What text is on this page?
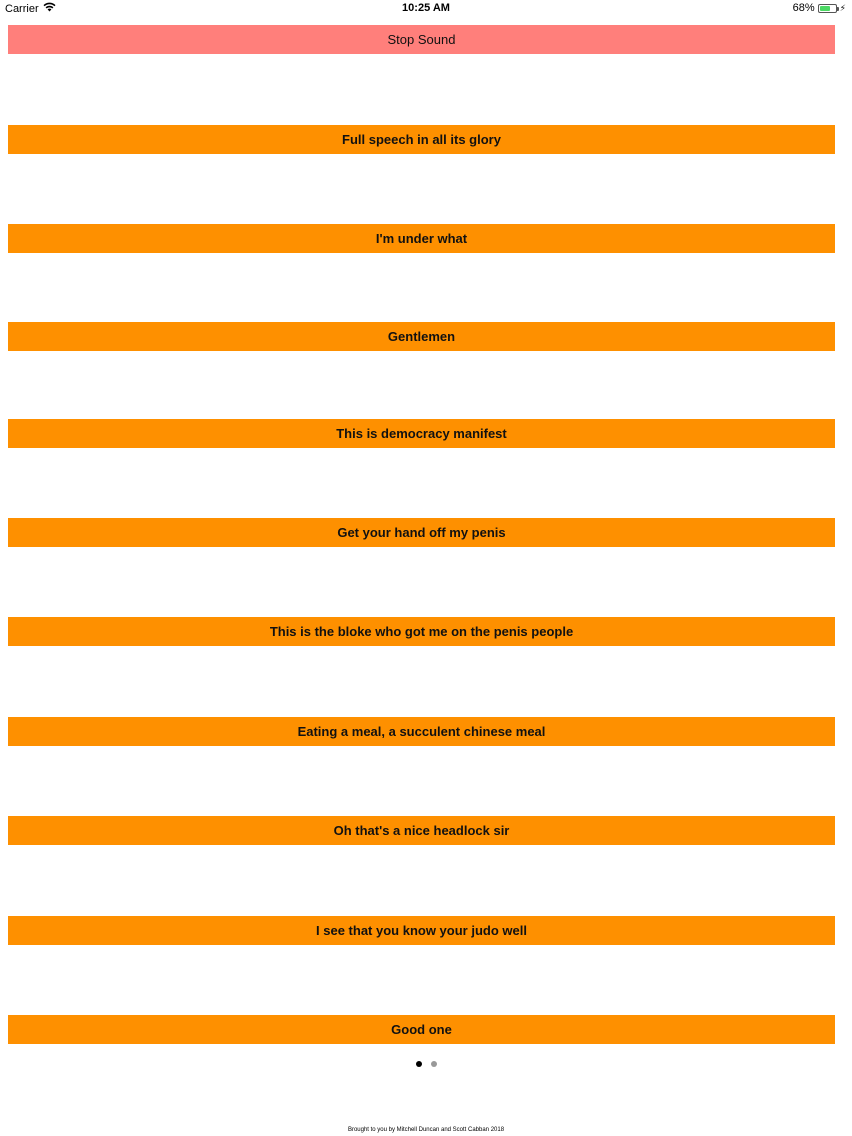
Carrier	10:25 AM	68%	⚡
Stop Sound
Full speech in all its glory
I'm under what
Gentlemen
This is democracy manifest
Get your hand off my penis
This is the bloke who got me on the penis people
Eating a meal, a succulent chinese meal
Oh that's a nice headlock sir
I see that you know your judo well
Good one
Brought to you by Mitchell Duncan and Scott Cabban 2018
